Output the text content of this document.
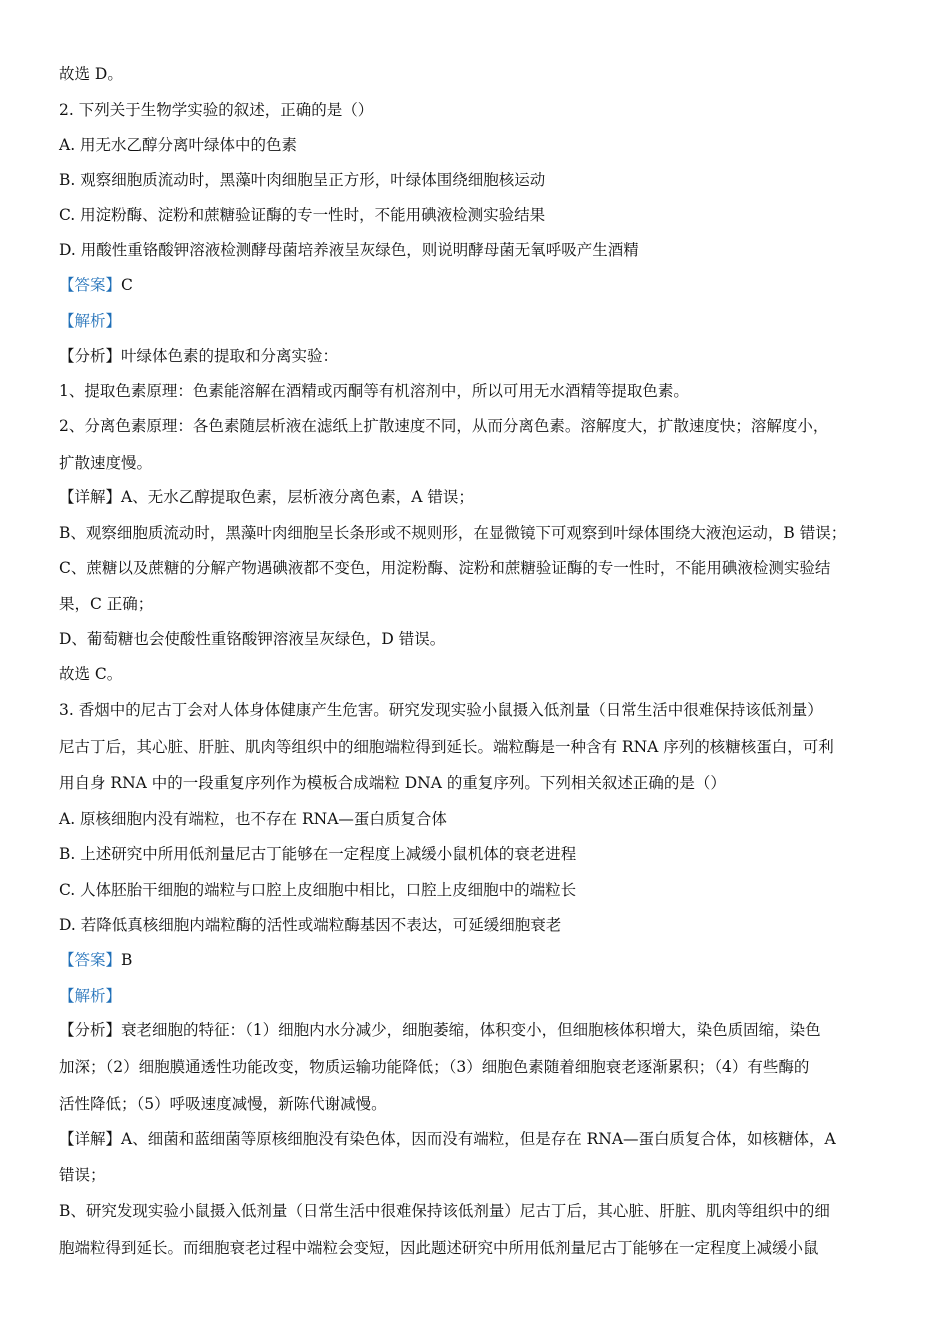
故选 D。
2. 下列关于生物学实验的叙述，正确的是（）
A. 用无水乙醇分离叶绿体中的色素
B. 观察细胞质流动时，黑藻叶肉细胞呈正方形，叶绿体围绕细胞核运动
C. 用淀粉酶、淀粉和蔗糖验证酶的专一性时，不能用碘液检测实验结果
D. 用酸性重铬酸钾溶液检测酵母菌培养液呈灰绿色，则说明酵母菌无氧呼吸产生酒精
【答案】C
【解析】
【分析】叶绿体色素的提取和分离实验：
1、提取色素原理：色素能溶解在酒精或丙酮等有机溶剂中，所以可用无水酒精等提取色素。
2、分离色素原理：各色素随层析液在滤纸上扩散速度不同，从而分离色素。溶解度大，扩散速度快；溶解度小，
扩散速度慢。
【详解】A、无水乙醇提取色素，层析液分离色素，A 错误；
B、观察细胞质流动时，黑藻叶肉细胞呈长条形或不规则形，在显微镜下可观察到叶绿体围绕大液泡运动，B 错误；
C、蔗糖以及蔗糖的分解产物遇碘液都不变色，用淀粉酶、淀粉和蔗糖验证酶的专一性时，不能用碘液检测实验结
果，C 正确；
D、葡萄糖也会使酸性重铬酸钾溶液呈灰绿色，D 错误。
故选 C。
3. 香烟中的尼古丁会对人体身体健康产生危害。研究发现实验小鼠摄入低剂量（日常生活中很难保持该低剂量）
尼古丁后，其心脏、肝脏、肌肉等组织中的细胞端粒得到延长。端粒酶是一种含有 RNA 序列的核糖核蛋白，可利
用自身 RNA 中的一段重复序列作为模板合成端粒 DNA 的重复序列。下列相关叙述正确的是（）
A. 原核细胞内没有端粒，也不存在 RNA—蛋白质复合体
B. 上述研究中所用低剂量尼古丁能够在一定程度上减缓小鼠机体的衰老进程
C. 人体胚胎干细胞的端粒与口腔上皮细胞中相比，口腔上皮细胞中的端粒长
D. 若降低真核细胞内端粒酶的活性或端粒酶基因不表达，可延缓细胞衰老
【答案】B
【解析】
【分析】衰老细胞的特征：（1）细胞内水分减少，细胞萎缩，体积变小，但细胞核体积增大，染色质固缩，染色
加深；（2）细胞膜通透性功能改变，物质运输功能降低；（3）细胞色素随着细胞衰老逐渐累积；（4）有些酶的
活性降低；（5）呼吸速度减慢，新陈代谢减慢。
【详解】A、细菌和蓝细菌等原核细胞没有染色体，因而没有端粒，但是存在 RNA—蛋白质复合体，如核糖体，A
错误；
B、研究发现实验小鼠摄入低剂量（日常生活中很难保持该低剂量）尼古丁后，其心脏、肝脏、肌肉等组织中的细
胞端粒得到延长。而细胞衰老过程中端粒会变短，因此题述研究中所用低剂量尼古丁能够在一定程度上减缓小鼠
